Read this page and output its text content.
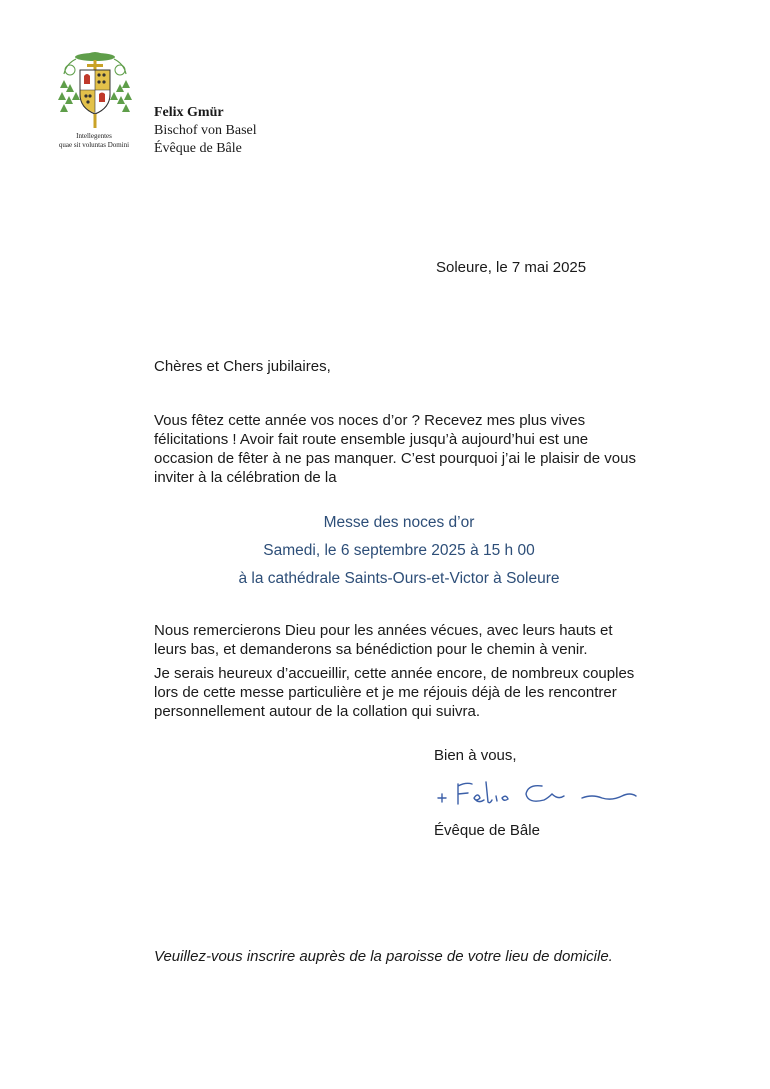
Intellegentes
quae sit voluntas Domini
Felix Gmür
Bischof von Basel
Évêque de Bâle
Soleure, le 7 mai 2025
Chères et Chers jubilaires,

Vous fêtez cette année vos noces d’or ? Recevez mes plus vives félicitations ! Avoir fait route ensemble jusqu’à aujourd’hui est une occasion de fêter à ne pas manquer. C’est pourquoi j’ai le plaisir de vous inviter à la célébration de la

Messe des noces d’or
Samedi, le 6 septembre 2025 à 15 h 00
à la cathédrale Saints-Ours-et-Victor à Soleure

Nous remercierons Dieu pour les années vécues, avec leurs hauts et leurs bas, et demanderons sa bénédiction pour le chemin à venir.

Je serais heureux d’accueillir, cette année encore, de nombreux couples lors de cette messe particulière et je me réjouis déjà de les rencontrer personnellement autour de la collation qui suivra.

Bien à vous,
Évêque de Bâle
Veuillez-vous inscrire auprès de la paroisse de votre lieu de domicile.
